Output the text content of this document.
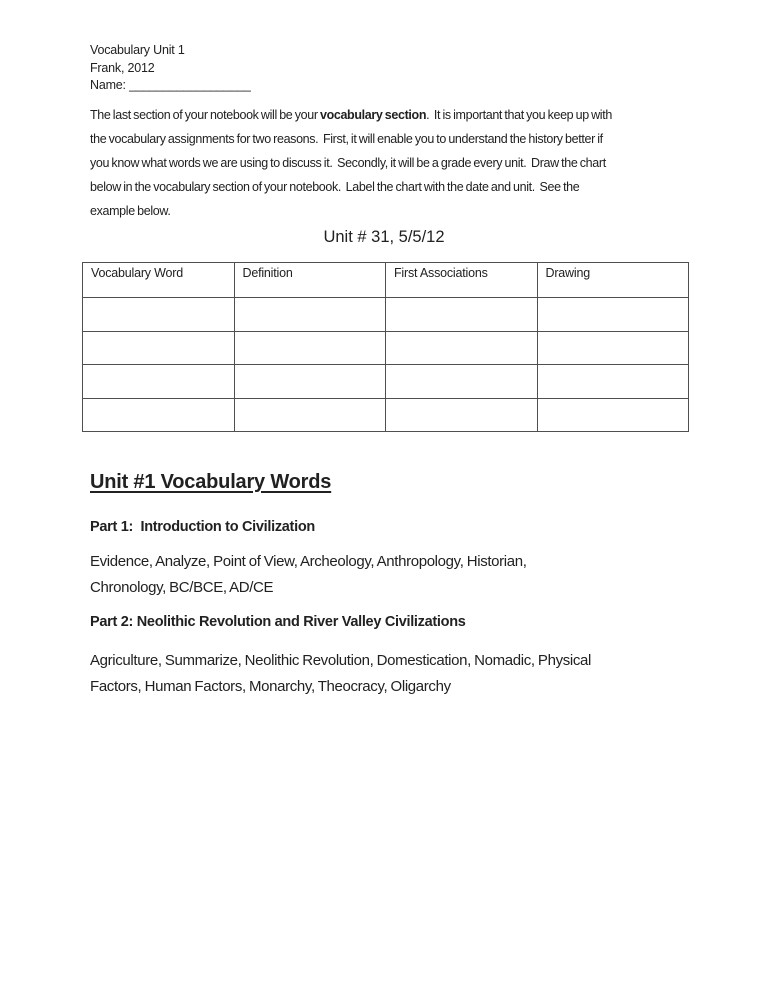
Vocabulary Unit 1
Frank, 2012
Name: __________________
The last section of your notebook will be your vocabulary section.  It is important that you keep up with
the vocabulary assignments for two reasons.  First, it will enable you to understand the history better if
you know what words we are using to discuss it.  Secondly, it will be a grade every unit.  Draw the chart
below in the vocabulary section of your notebook.  Label the chart with the date and unit.  See the
example below.
Unit # 31, 5/5/12
Vocabulary Word	Definition	First Associations	Drawing

Unit #1 Vocabulary Words
Part 1:  Introduction to Civilization
Evidence, Analyze, Point of View, Archeology, Anthropology, Historian,
Chronology, BC/BCE, AD/CE
Part 2: Neolithic Revolution and River Valley Civilizations
Agriculture, Summarize, Neolithic Revolution, Domestication, Nomadic, Physical
Factors, Human Factors, Monarchy, Theocracy, Oligarchy
